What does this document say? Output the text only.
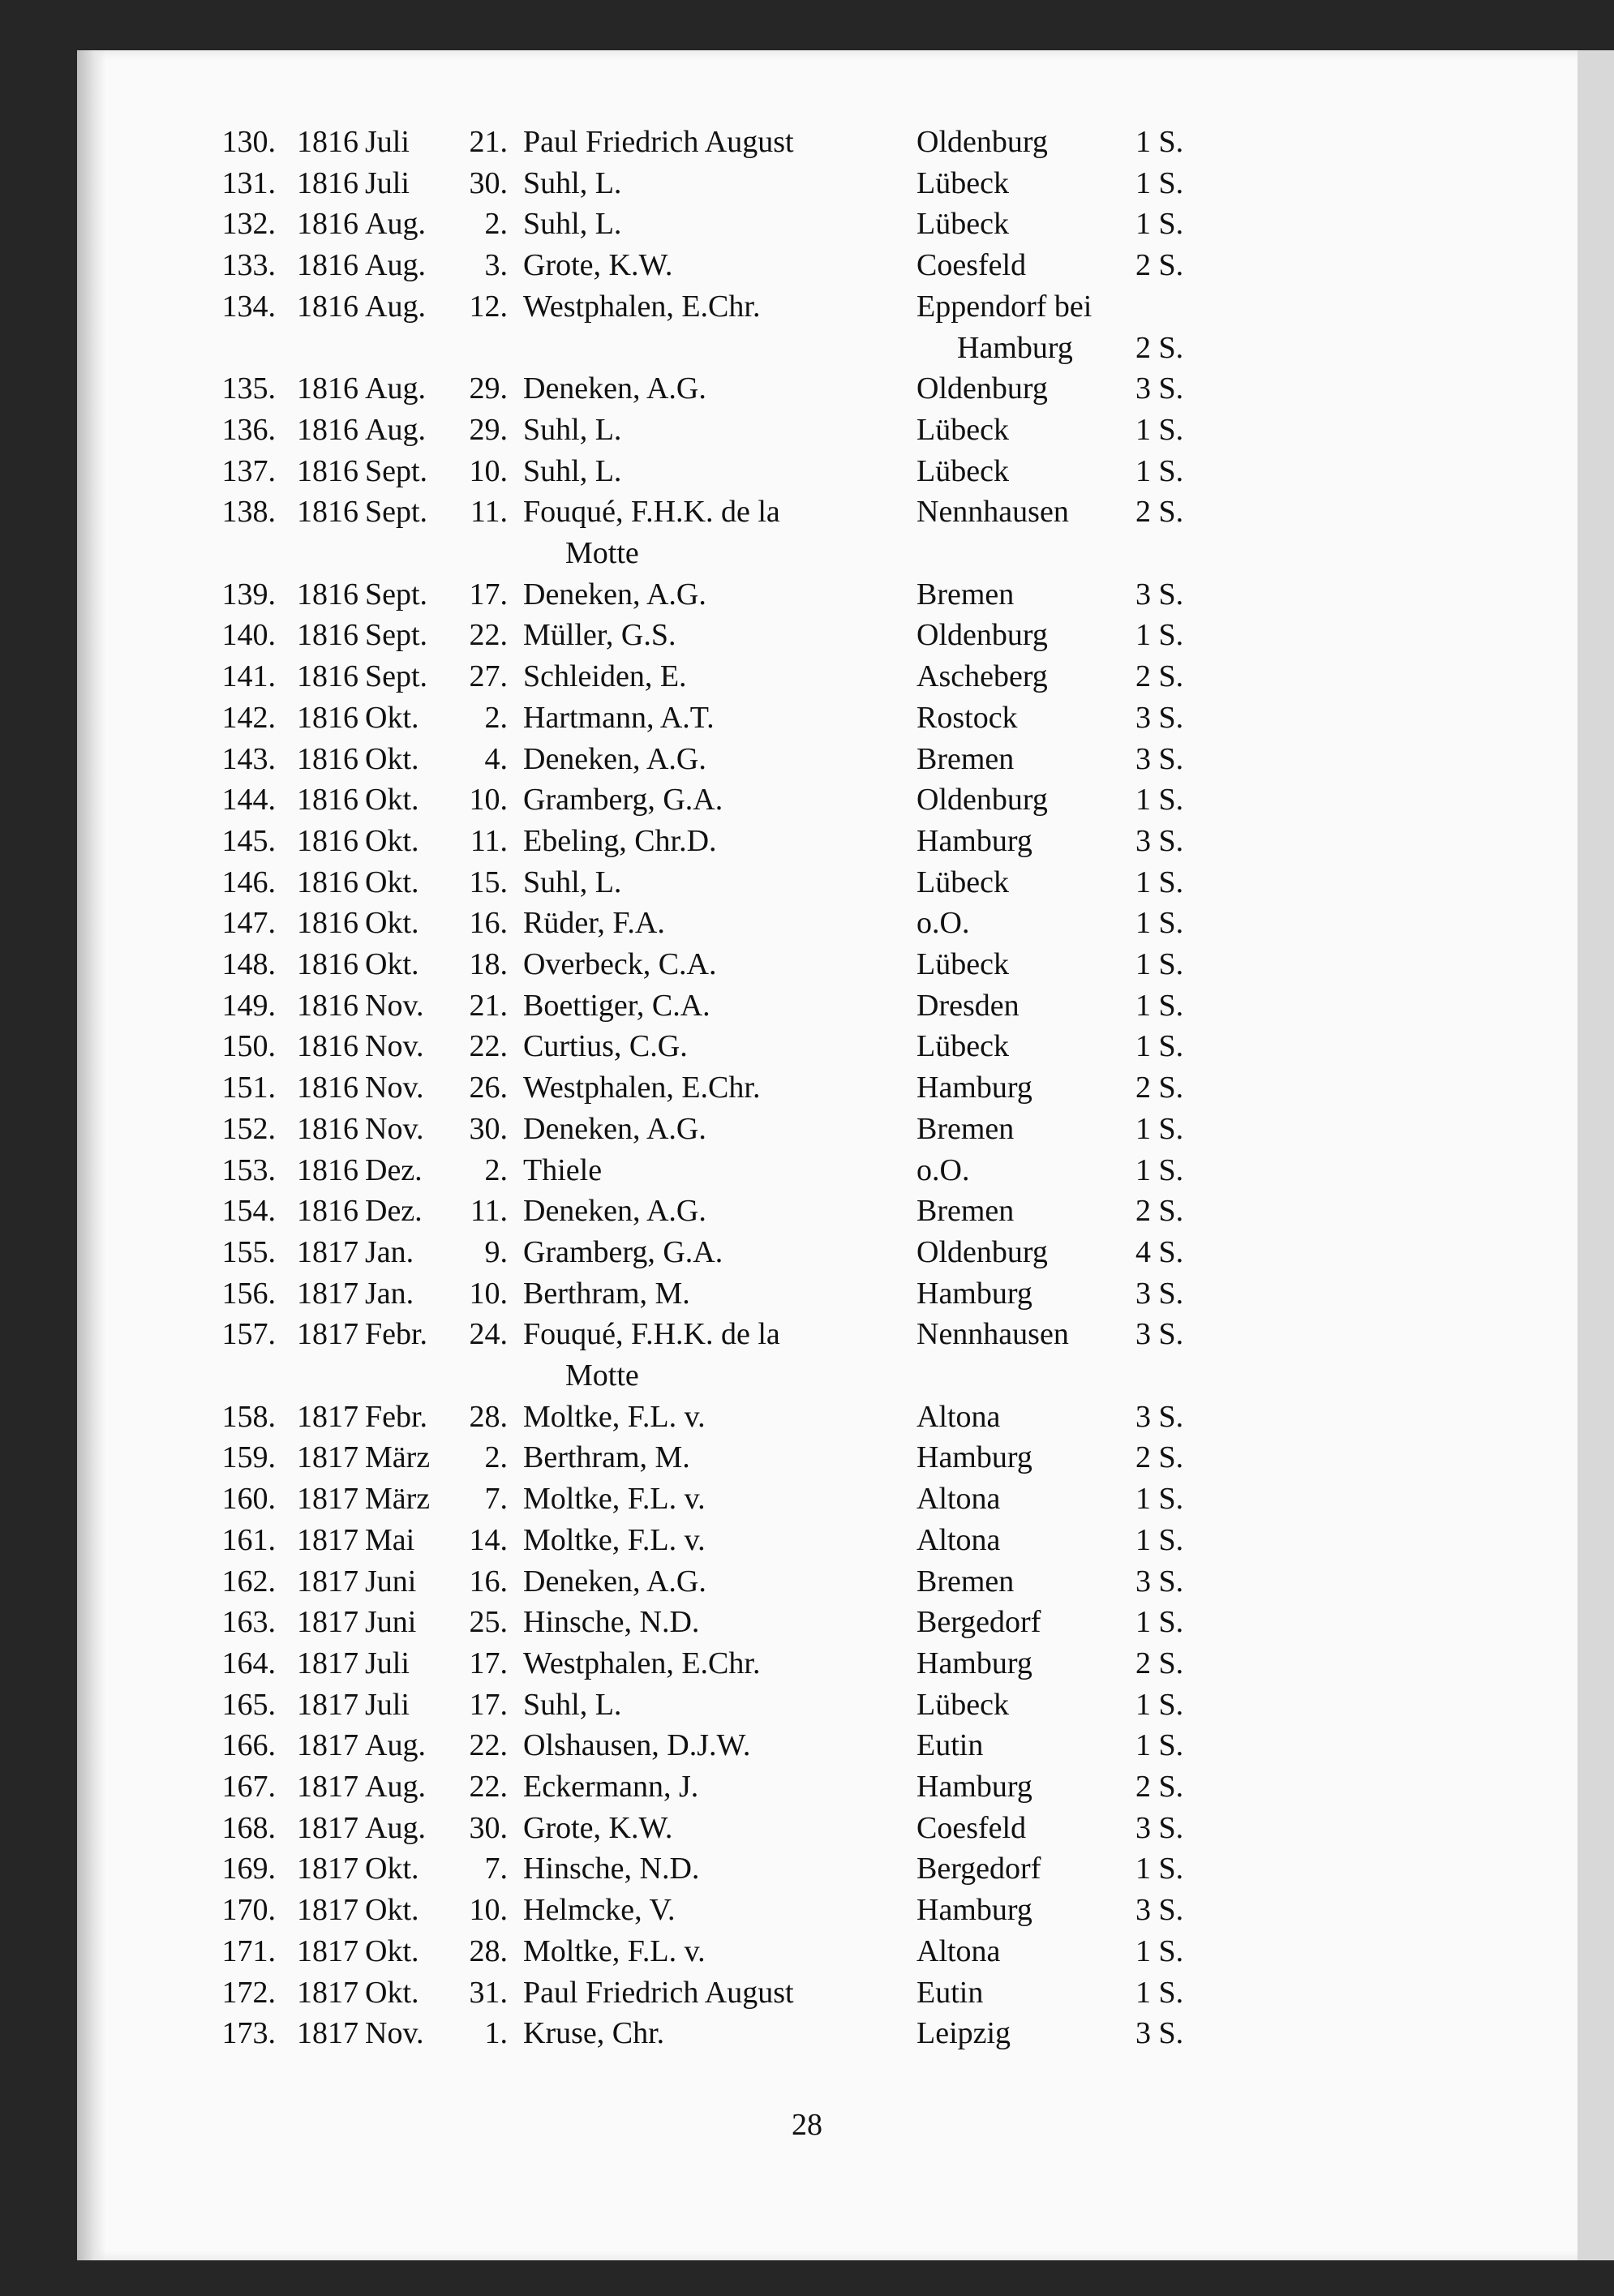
130. 1816 Juli	21. Paul Friedrich August	Oldenburg	1 S.
131. 1816 Juli	30. Suhl, L.	Lübeck	1 S.
132. 1816 Aug.	2. Suhl, L.	Lübeck	1 S.
133. 1816 Aug.	3. Grote, K.W.	Coesfeld	2 S.
134. 1816 Aug.	12. Westphalen, E.Chr.	Eppendorf bei
Hamburg 2 S.
135. 1816 Aug.	29. Deneken, A.G.	Oldenburg	3 S.
136. 1816 Aug.	29. Suhl, L.	Lübeck	1 S.
137. 1816 Sept.	10. Suhl, L.	Lübeck	1 S.
138. 1816 Sept.	11. Fouqué, F.H.K. de la	Nennhausen 2 S.
Motte
139. 1816 Sept.	17. Deneken, A.G.	Bremen	3 S.
140. 1816 Sept.	22. Müller, G.S.	Oldenburg	1 S.
141. 1816 Sept.	27. Schleiden, E.	Ascheberg	2 S.
142. 1816 Okt.	2. Hartmann, A.T.	Rostock	3 S.
143. 1816 Okt.	4. Deneken, A.G.	Bremen	3 S.
144. 1816 Okt.	10. Gramberg, G.A.	Oldenburg	1 S.
145. 1816 Okt.	11. Ebeling, Chr.D.	Hamburg	3 S.
146. 1816 Okt.	15. Suhl, L.	Lübeck	1 S.
147. 1816 Okt.	16. Rüder, F.A.	o.O.	1 S.
148. 1816 Okt.	18. Overbeck, C.A.	Lübeck	1 S.
149. 1816 Nov.	21. Boettiger, C.A.	Dresden	1 S.
150. 1816 Nov.	22. Curtius, C.G.	Lübeck	1 S.
151. 1816 Nov.	26. Westphalen, E.Chr.	Hamburg	2 S.
152. 1816 Nov.	30. Deneken, A.G.	Bremen	1 S.
153. 1816 Dez.	2. Thiele	o.O.	1 S.
154. 1816 Dez.	11. Deneken, A.G.	Bremen	2 S.
155. 1817 Jan.	9. Gramberg, G.A.	Oldenburg	4 S.
156. 1817 Jan.	10. Berthram, M.	Hamburg	3 S.
157. 1817 Febr.	24. Fouqué, F.H.K. de la	Nennhausen 3 S.
Motte
158. 1817 Febr.	28. Moltke, F.L. v.	Altona	3 S.
159. 1817 März	2. Berthram, M.	Hamburg	2 S.
160. 1817 März	7. Moltke, F.L. v.	Altona	1 S.
161. 1817 Mai	14. Moltke, F.L. v.	Altona	1 S.
162. 1817 Juni	16. Deneken, A.G.	Bremen	3 S.
163. 1817 Juni	25. Hinsche, N.D.	Bergedorf	1 S.
164. 1817 Juli	17. Westphalen, E.Chr.	Hamburg	2 S.
165. 1817 Juli	17. Suhl, L.	Lübeck	1 S.
166. 1817 Aug.	22. Olshausen, D.J.W.	Eutin	1 S.
167. 1817 Aug.	22. Eckermann, J.	Hamburg	2 S.
168. 1817 Aug.	30. Grote, K.W.	Coesfeld	3 S.
169. 1817 Okt.	7. Hinsche, N.D.	Bergedorf	1 S.
170. 1817 Okt.	10. Helmcke, V.	Hamburg	3 S.
171. 1817 Okt.	28. Moltke, F.L. v.	Altona	1 S.
172. 1817 Okt.	31. Paul Friedrich August	Eutin	1 S.
173. 1817 Nov.	1. Kruse, Chr.	Leipzig	3 S.
28
